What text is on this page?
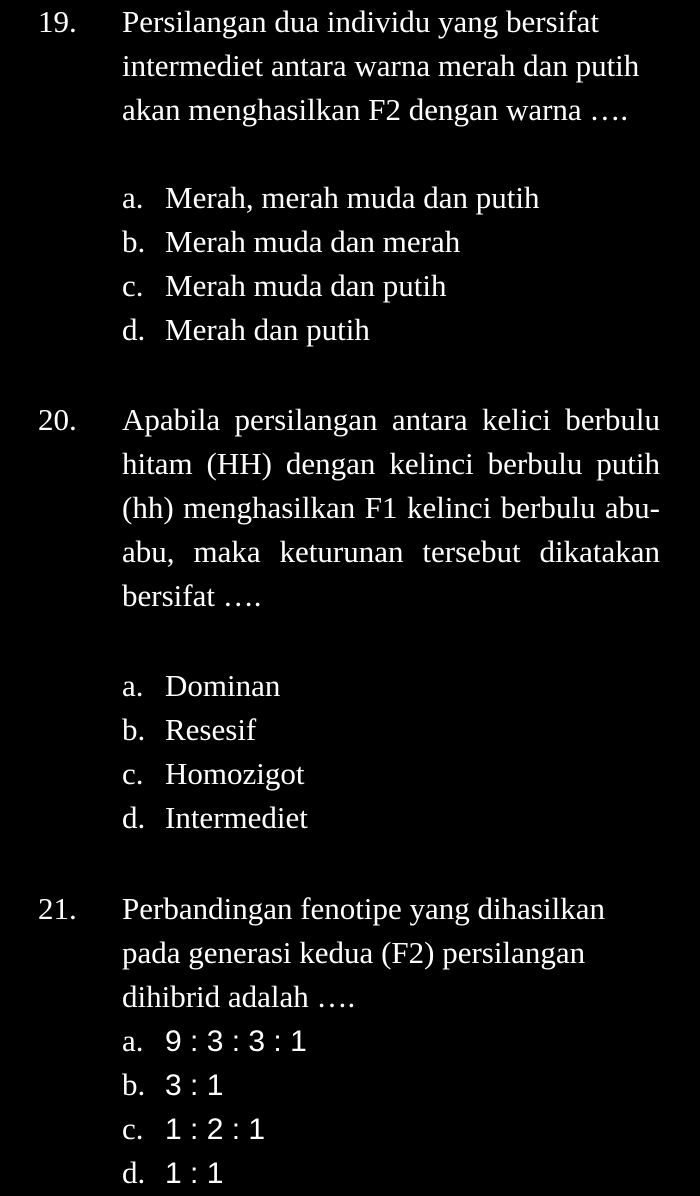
19. Persilangan dua individu yang bersifat intermediet antara warna merah dan putih akan menghasilkan F2 dengan warna ….
a. Merah, merah muda dan putih
b. Merah muda dan merah
c. Merah muda dan putih
d. Merah dan putih
20. Apabila persilangan antara kelici berbulu hitam (HH) dengan kelinci berbulu putih (hh) menghasilkan F1 kelinci berbulu abu-abu, maka keturunan tersebut dikatakan bersifat ….
a. Dominan
b. Resesif
c. Homozigot
d. Intermediet
21. Perbandingan fenotipe yang dihasilkan pada generasi kedua (F2) persilangan dihibrid adalah ….
a. 9 : 3 : 3 : 1
b. 3 : 1
c. 1 : 2 : 1
d. 1 : 1
